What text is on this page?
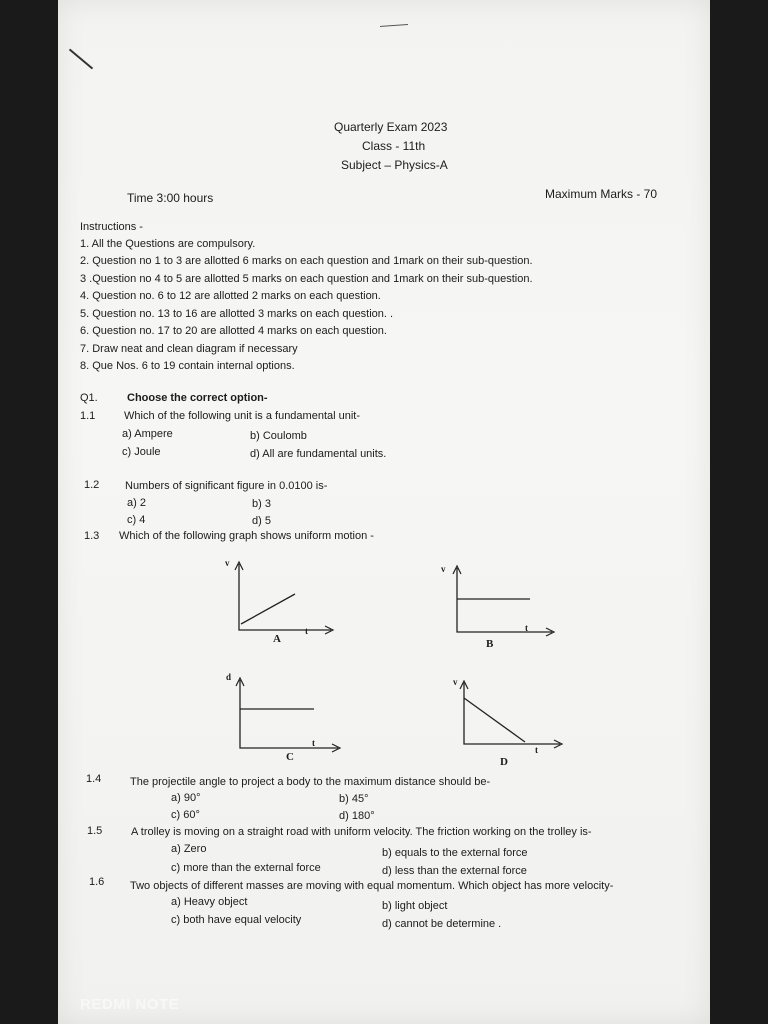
Quarterly Exam 2023
Class - 11th
Subject – Physics-A
Time 3:00 hours	Maximum Marks - 70
Instructions -
1. All the Questions are compulsory.
2. Question no 1 to 3 are allotted 6 marks on each question and 1mark on their sub-question.
3 .Question no 4 to 5 are allotted 5 marks on each question and 1mark on their sub-question.
4. Question no. 6 to 12 are allotted 2 marks on each question.
5. Question no. 13 to 16 are allotted 3 marks on each question. .
6. Question no. 17 to 20 are allotted 4 marks on each question.
7. Draw neat and clean diagram if necessary
8. Que Nos. 6 to 19 contain internal options.
Q1.	Choose the correct option-
1.1	Which of the following unit is a fundamental unit-
a) Ampere	b) Coulomb
c) Joule	d) All are fundamental units.
1.2 Numbers of significant figure in 0.0100 is-
a) 2	b) 3
c) 4	d) 5
1.3 Which of the following graph shows uniform motion -
v
t
A
v
t
B
d
t
C
v
t
D
1.4	The projectile angle to project a body to the maximum distance should be-
a) 90°	b) 45°
c) 60°	d) 180°
1.5	A trolley is moving on a straight road with uniform velocity. The friction working on the trolley is-
a) Zero	b) equals to the external force
c) more than the external force	d) less than the external force
1.6 Two objects of different masses are moving with equal momentum. Which object has more velocity-
a) Heavy object	b) light object
c) both have equal velocity	d) cannot be determine .
REDMI NOTE
